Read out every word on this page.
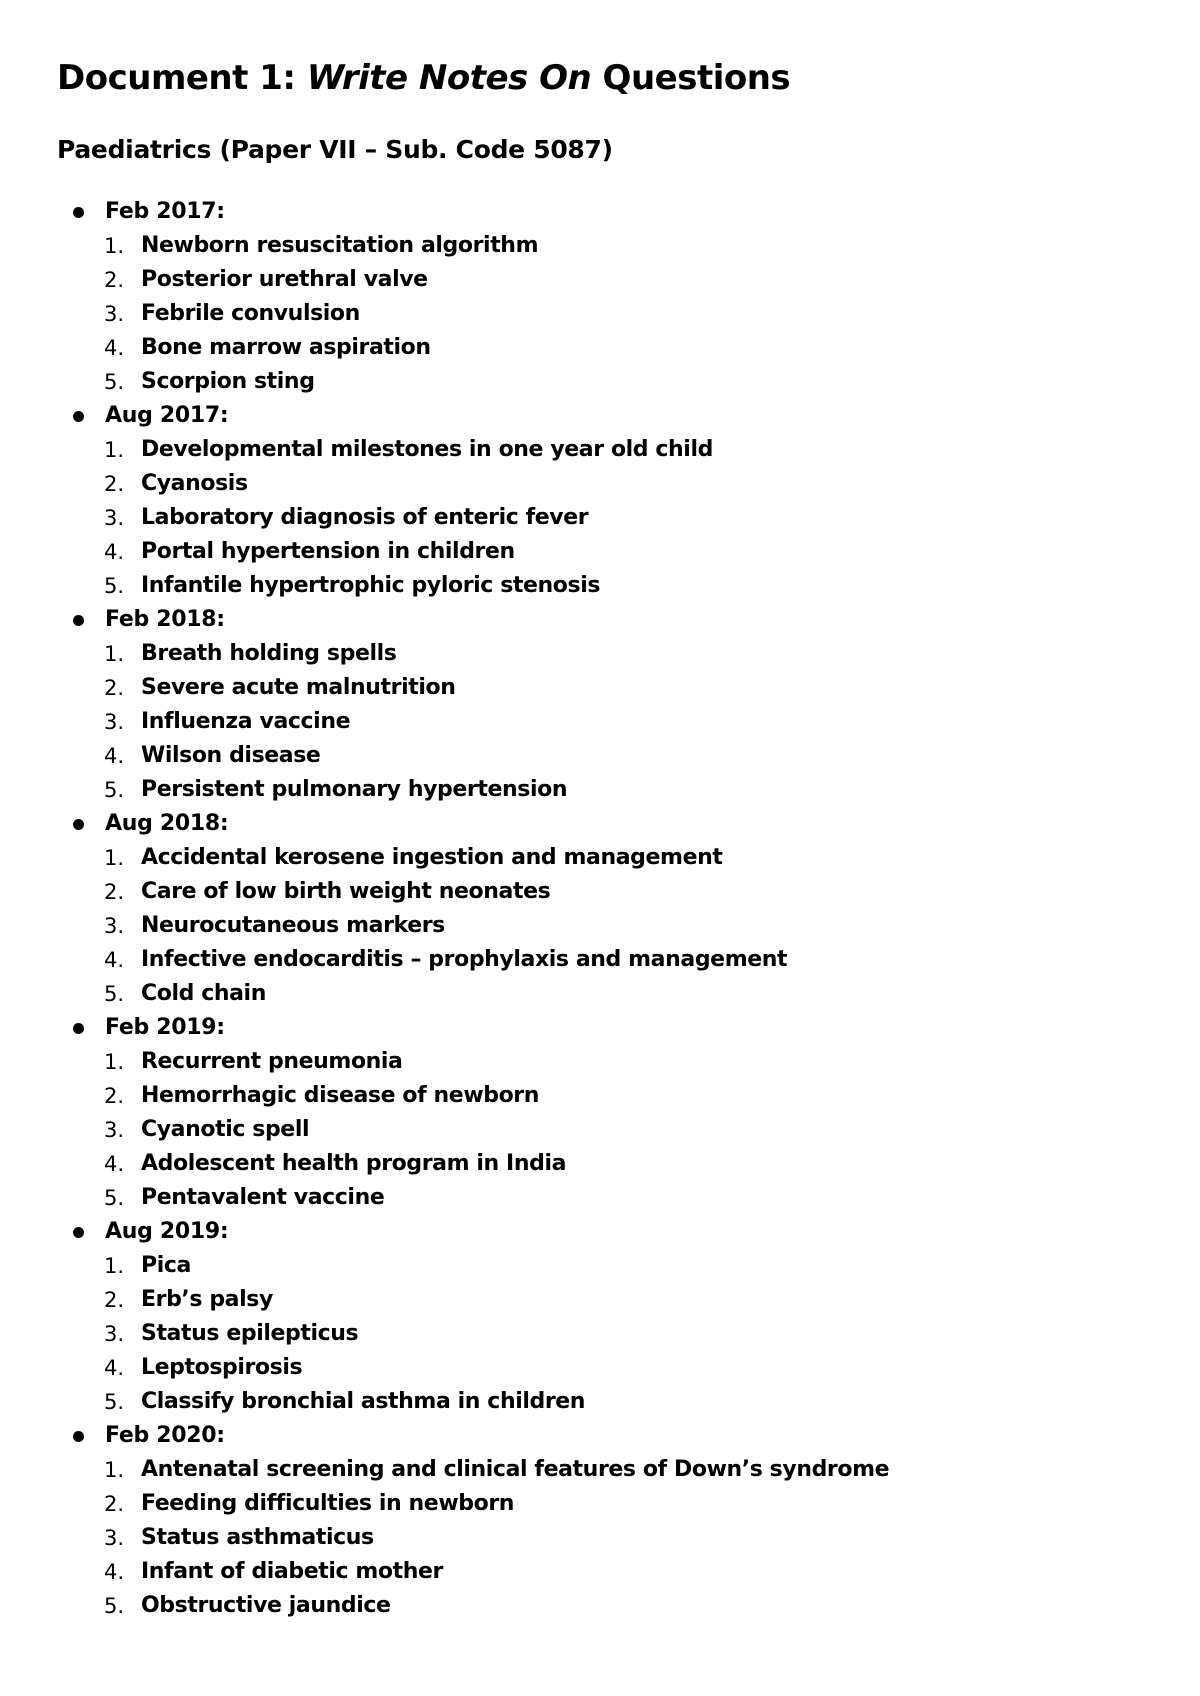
Document 1: Write Notes On Questions
Paediatrics (Paper VII – Sub. Code 5087)
Feb 2017:
1. Newborn resuscitation algorithm
2. Posterior urethral valve
3. Febrile convulsion
4. Bone marrow aspiration
5. Scorpion sting
Aug 2017:
1. Developmental milestones in one year old child
2. Cyanosis
3. Laboratory diagnosis of enteric fever
4. Portal hypertension in children
5. Infantile hypertrophic pyloric stenosis
Feb 2018:
1. Breath holding spells
2. Severe acute malnutrition
3. Influenza vaccine
4. Wilson disease
5. Persistent pulmonary hypertension
Aug 2018:
1. Accidental kerosene ingestion and management
2. Care of low birth weight neonates
3. Neurocutaneous markers
4. Infective endocarditis – prophylaxis and management
5. Cold chain
Feb 2019:
1. Recurrent pneumonia
2. Hemorrhagic disease of newborn
3. Cyanotic spell
4. Adolescent health program in India
5. Pentavalent vaccine
Aug 2019:
1. Pica
2. Erb’s palsy
3. Status epilepticus
4. Leptospirosis
5. Classify bronchial asthma in children
Feb 2020:
1. Antenatal screening and clinical features of Down’s syndrome
2. Feeding difficulties in newborn
3. Status asthmaticus
4. Infant of diabetic mother
5. Obstructive jaundice
